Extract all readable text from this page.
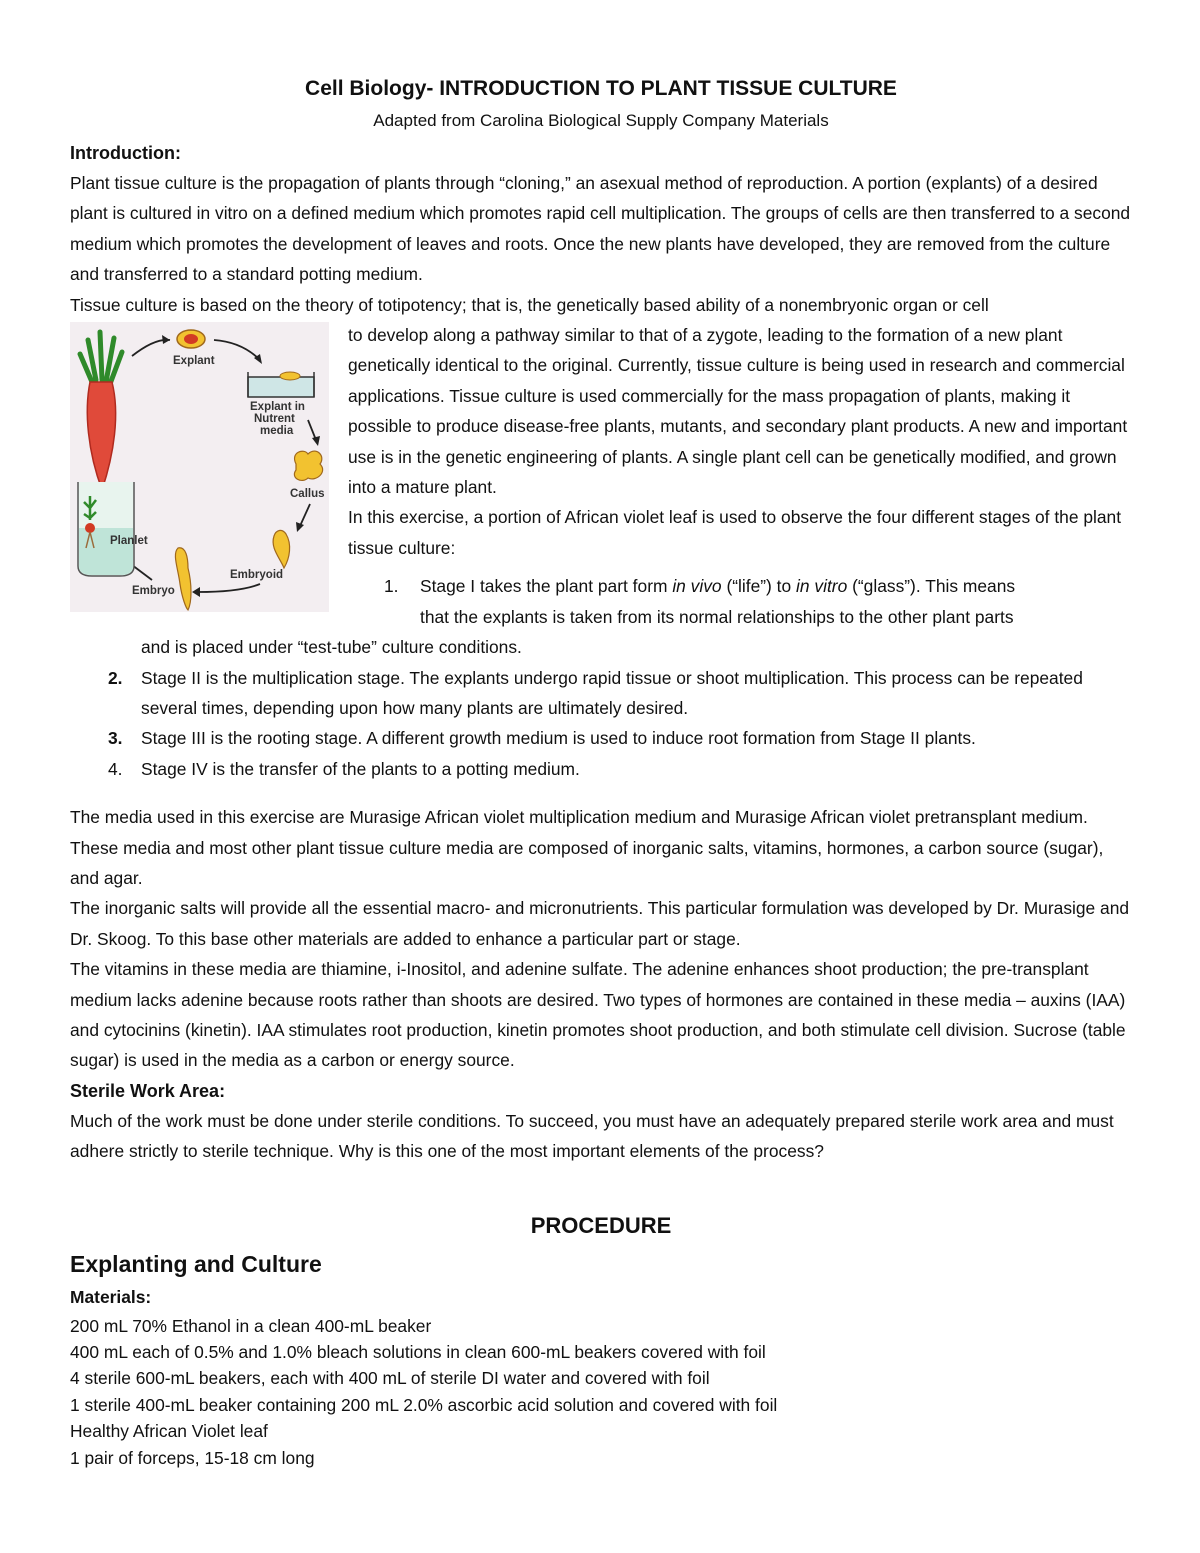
Cell Biology- INTRODUCTION TO PLANT TISSUE CULTURE

Adapted from Carolina Biological Supply Company Materials

Introduction:

Plant tissue culture is the propagation of plants through “cloning,” an asexual method of reproduction. A portion (explants) of a desired plant is cultured in vitro on a defined medium which promotes rapid cell multiplication. The groups of cells are then transferred to a second medium which promotes the development of leaves and roots. Once the new plants have developed, they are removed from the culture and transferred to a standard potting medium.

Tissue culture is based on the theory of totipotency; that is, the genetically based ability of a nonembryonic organ or cell

Explant
Explant in Nutrent media
Callus
Embryoid
Embryo
Planlet

to develop along a pathway similar to that of a zygote, leading to the formation of a new plant genetically identical to the original. Currently, tissue culture is being used in research and commercial applications. Tissue culture is used commercially for the mass propagation of plants, making it possible to produce disease-free plants, mutants, and secondary plant products. A new and important use is in the genetic engineering of plants. A single plant cell can be genetically modified, and grown into a mature plant.

In this exercise, a portion of African violet leaf is used to observe the four different stages of the plant tissue culture:

1. Stage I takes the plant part form in vivo (“life”) to in vitro (“glass”). This means
that the explants is taken from its normal relationships to the other plant parts
and is placed under “test-tube” culture conditions.
2. Stage II is the multiplication stage. The explants undergo rapid tissue or shoot multiplication. This process can be repeated several times, depending upon how many plants are ultimately desired.
3. Stage III is the rooting stage. A different growth medium is used to induce root formation from Stage II plants.
4. Stage IV is the transfer of the plants to a potting medium.

The media used in this exercise are Murasige African violet multiplication medium and Murasige African violet pretransplant medium. These media and most other plant tissue culture media are composed of inorganic salts, vitamins, hormones, a carbon source (sugar), and agar.

The inorganic salts will provide all the essential macro- and micronutrients. This particular formulation was developed by Dr. Murasige and Dr. Skoog. To this base other materials are added to enhance a particular part or stage.

The vitamins in these media are thiamine, i-Inositol, and adenine sulfate. The adenine enhances shoot production; the pre-transplant medium lacks adenine because roots rather than shoots are desired. Two types of hormones are contained in these media – auxins (IAA) and cytocinins (kinetin). IAA stimulates root production, kinetin promotes shoot production, and both stimulate cell division. Sucrose (table sugar) is used in the media as a carbon or energy source.

Sterile Work Area:

Much of the work must be done under sterile conditions. To succeed, you must have an adequately prepared sterile work area and must adhere strictly to sterile technique. Why is this one of the most important elements of the process?

PROCEDURE
Explanting and Culture
Materials:
200 mL 70% Ethanol in a clean 400-mL beaker
400 mL each of 0.5% and 1.0% bleach solutions in clean 600-mL beakers covered with foil
4 sterile 600-mL beakers, each with 400 mL of sterile DI water and covered with foil
1 sterile 400-mL beaker containing 200 mL 2.0% ascorbic acid solution and covered with foil
Healthy African Violet leaf
1 pair of forceps, 15-18 cm long
